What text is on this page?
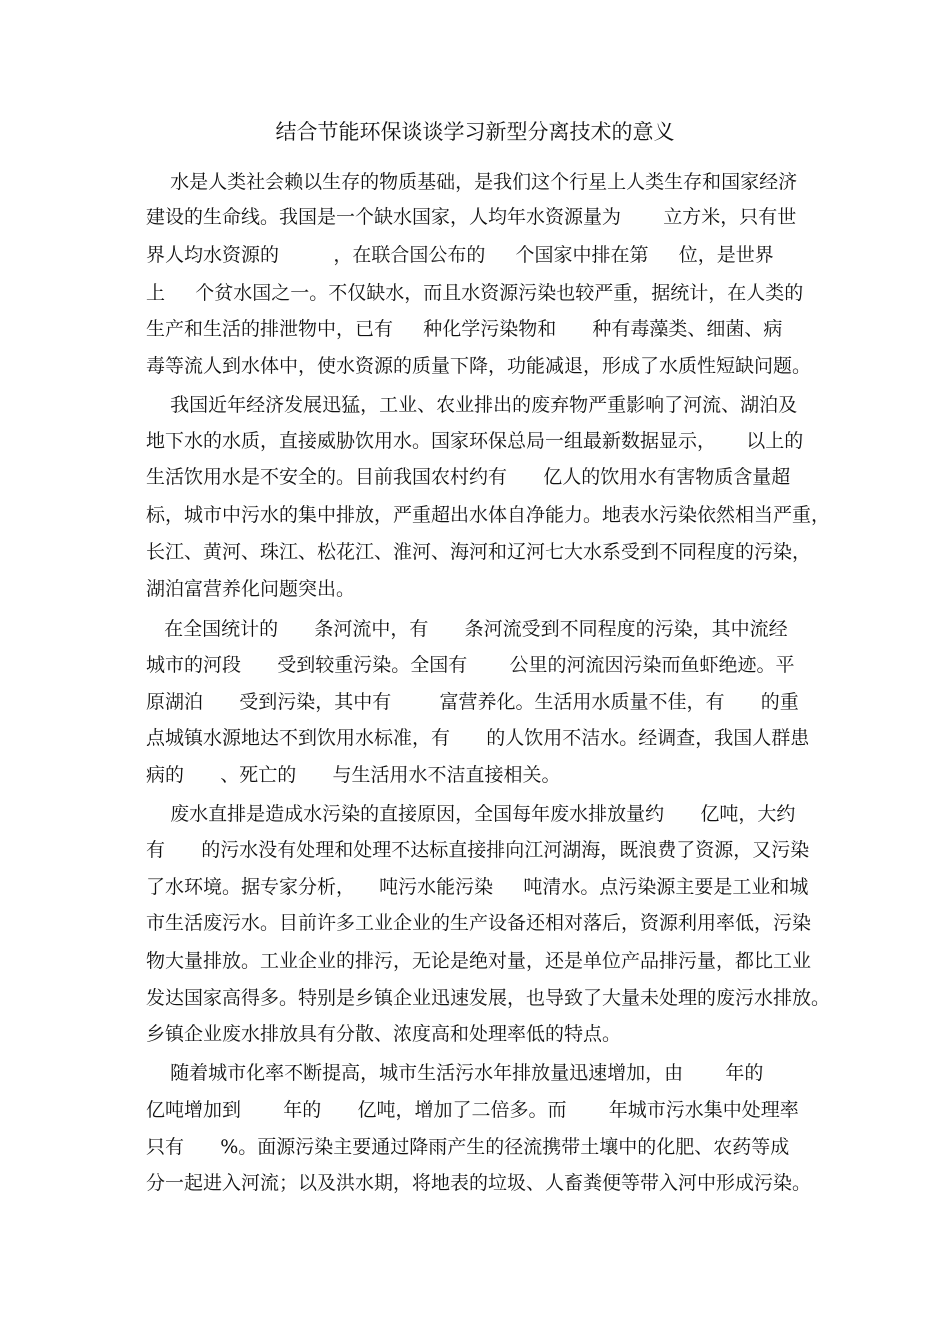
结合节能环保谈谈学习新型分离技术的意义
水是人类社会赖以生存的物质基础，是我们这个行星上人类生存和国家经济
建设的生命线。我国是一个缺水国家，人均年水资源量为       立方米，只有世
界人均水资源的         ，在联合国公布的     个国家中排在第     位，是世界
上     个贫水国之一。不仅缺水，而且水资源污染也较严重，据统计，在人类的
生产和生活的排泄物中，已有     种化学污染物和      种有毒藻类、细菌、病
毒等流人到水体中，使水资源的质量下降，功能减退，形成了水质性短缺问题。
我国近年经济发展迅猛，工业、农业排出的废弃物严重影响了河流、湖泊及
地下水的水质，直接威胁饮用水。国家环保总局一组最新数据显示，     以上的
生活饮用水是不安全的。目前我国农村约有      亿人的饮用水有害物质含量超
标，城市中污水的集中排放，严重超出水体自净能力。地表水污染依然相当严重，
长江、黄河、珠江、松花江、淮河、海河和辽河七大水系受到不同程度的污染，
湖泊富营养化问题突出。
在全国统计的      条河流中，有      条河流受到不同程度的污染，其中流经
城市的河段      受到较重污染。全国有       公里的河流因污染而鱼虾绝迹。平
原湖泊      受到污染，其中有        富营养化。生活用水质量不佳，有      的重
点城镇水源地达不到饮用水标准，有      的人饮用不洁水。经调查，我国人群患
病的      、死亡的      与生活用水不洁直接相关。
废水直排是造成水污染的直接原因，全国每年废水排放量约      亿吨，大约
有      的污水没有处理和处理不达标直接排向江河湖海，既浪费了资源，又污染
了水环境。据专家分析，    吨污水能污染     吨清水。点污染源主要是工业和城
市生活废污水。目前许多工业企业的生产设备还相对落后，资源利用率低，污染
物大量排放。工业企业的排污，无论是绝对量，还是单位产品排污量，都比工业
发达国家高得多。特别是乡镇企业迅速发展，也导致了大量未处理的废污水排放。
乡镇企业废水排放具有分散、浓度高和处理率低的特点。
随着城市化率不断提高，城市生活污水年排放量迅速增加，由       年的
亿吨增加到       年的      亿吨，增加了二倍多。而       年城市污水集中处理率
只有      %。面源污染主要通过降雨产生的径流携带土壤中的化肥、农药等成
分一起进入河流；以及洪水期，将地表的垃圾、人畜粪便等带入河中形成污染。
